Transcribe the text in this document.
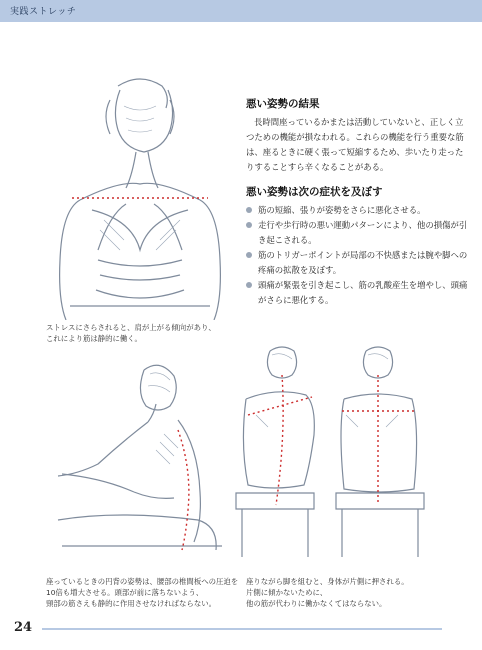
実践ストレッチ
悪い姿勢の結果

長時間座っているかまたは活動していないと、正しく立つための機能が損なわれる。これらの機能を行う重要な筋は、座るときに硬く張って短縮するため、歩いたり走ったりすることすら辛くなることがある。

悪い姿勢は次の症状を及ぼす
筋の短縮、張りが姿勢をさらに悪化させる。
走行や歩行時の悪い運動パターンにより、他の損傷が引き起こされる。
筋のトリガーポイントが局部の不快感または腕や脚への疼痛の拡散を及ぼす。
頭痛が緊張を引き起こし、筋の乳酸産生を増やし、頭痛がさらに悪化する。
ストレスにさらされると、肩が上がる傾向があり、
これにより筋は静的に働く。
座っているときの円背の姿勢は、腰部の椎間板への圧迫を
10倍も増大させる。頭部が前に落ちないよう、
頸部の筋さえも静的に作用させなければならない。
座りながら脚を組むと、身体が片側に押される。
片側に傾かないために、
他の筋が代わりに働かなくてはならない。
24
